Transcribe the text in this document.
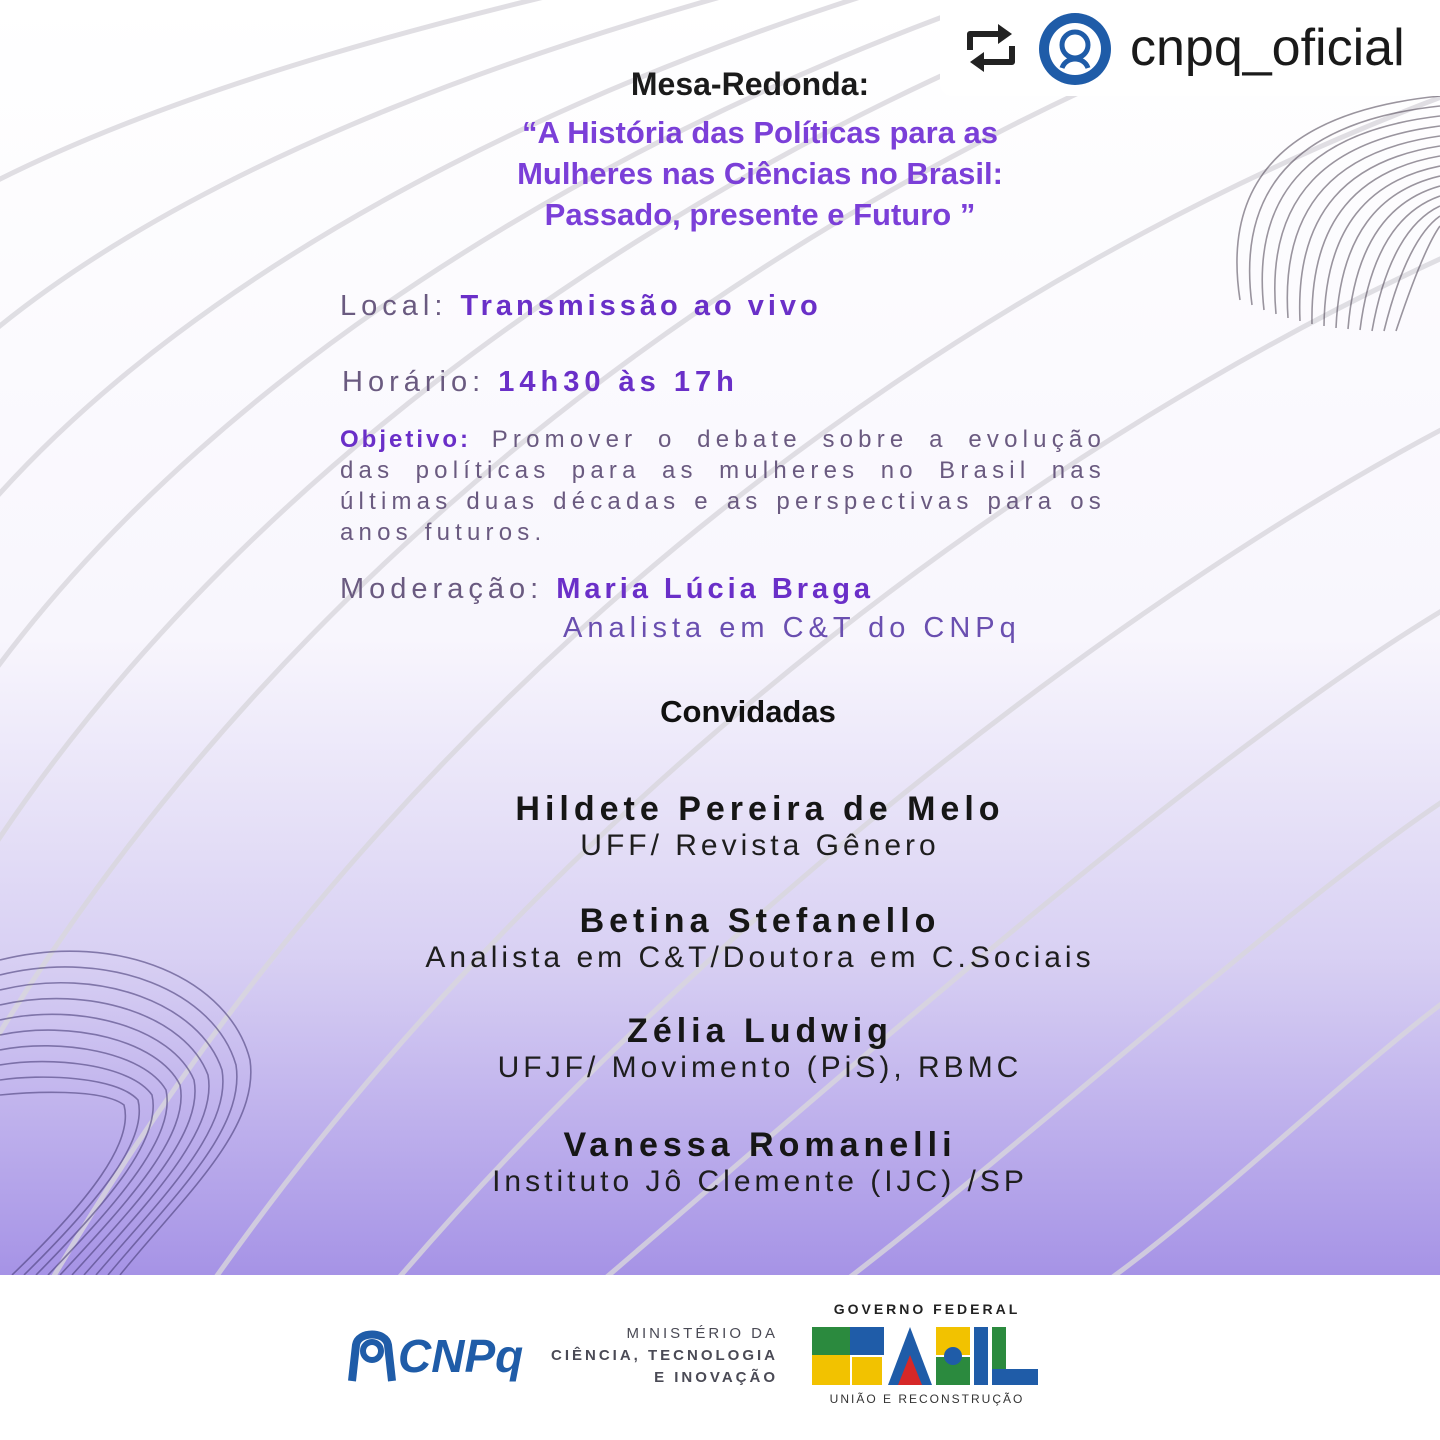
cnpq_oficial
Mesa-Redonda:
“A História das Políticas para as
Mulheres nas Ciências no Brasil:
Passado, presente e Futuro ”
Local: Transmissão ao vivo
Horário: 14h30 às 17h
Objetivo: Promover o debate sobre a evolução das políticas para as mulheres no Brasil nas últimas duas décadas e as perspectivas para os anos futuros.
Moderação: Maria Lúcia Braga
Analista em C&T do CNPq
Convidadas
Hildete Pereira de Melo
UFF/ Revista Gênero
Betina Stefanello
Analista em C&T/Doutora em C.Sociais
Zélia Ludwig
UFJF/ Movimento (PiS), RBMC
Vanessa Romanelli
Instituto Jô Clemente (IJC) /SP
CNPq	MINISTÉRIO DA
CIÊNCIA, TECNOLOGIA
E INOVAÇÃO
GOVERNO FEDERAL
UNIÃO E RECONSTRUÇÃO
